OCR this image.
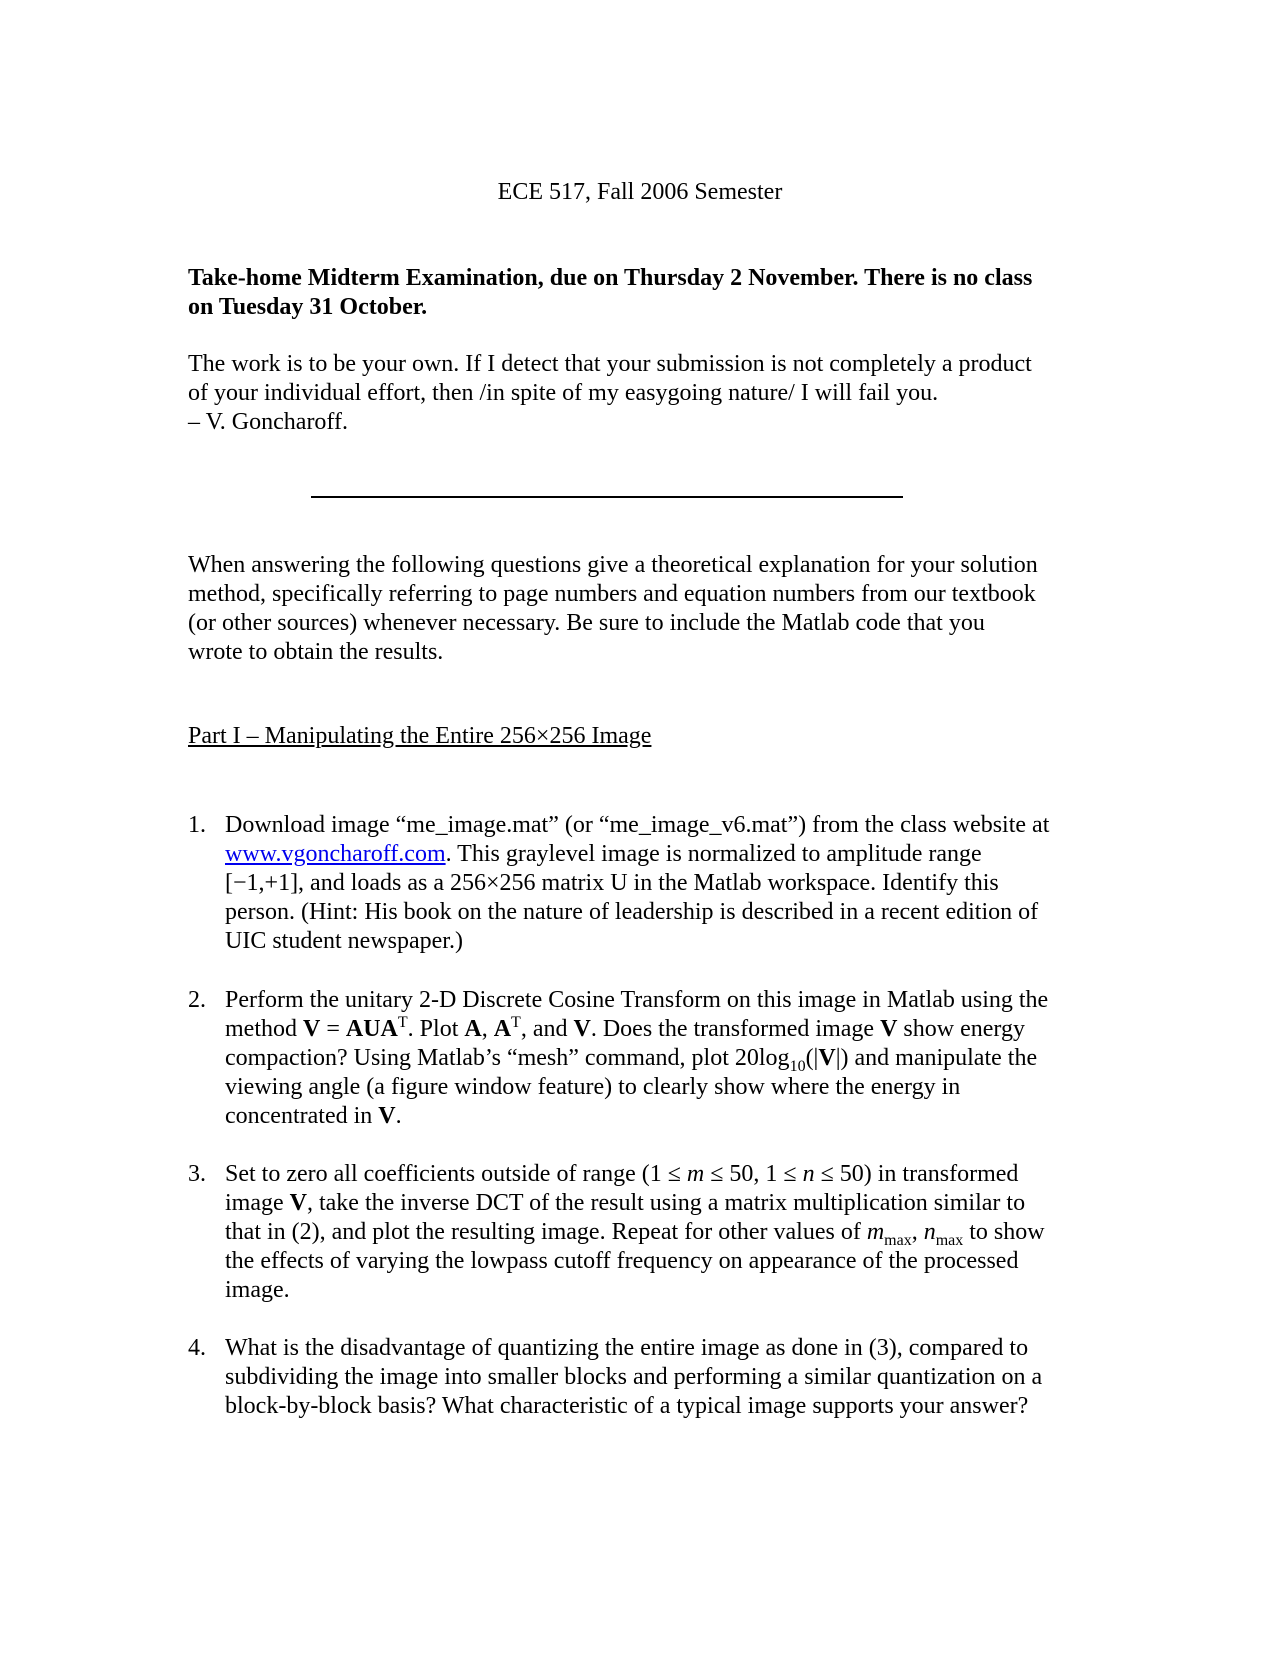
ECE 517, Fall 2006 Semester
Take-home Midterm Examination, due on Thursday 2 November. There is no class
on Tuesday 31 October.
The work is to be your own. If I detect that your submission is not completely a product
of your individual effort, then /in spite of my easygoing nature/ I will fail you.
– V. Goncharoff.
When answering the following questions give a theoretical explanation for your solution
method, specifically referring to page numbers and equation numbers from our textbook
(or other sources) whenever necessary. Be sure to include the Matlab code that you
wrote to obtain the results.
Part I – Manipulating the Entire 256×256 Image
1. Download image “me_image.mat” (or “me_image_v6.mat”) from the class website at
www.vgoncharoff.com. This graylevel image is normalized to amplitude range
[−1,+1], and loads as a 256×256 matrix U in the Matlab workspace. Identify this
person. (Hint: His book on the nature of leadership is described in a recent edition of
UIC student newspaper.)
2. Perform the unitary 2-D Discrete Cosine Transform on this image in Matlab using the
method $V = AUA^T$. Plot A, $A^T$, and V. Does the transformed image V show energy
compaction? Using Matlab’s “mesh” command, plot $20\log_{10}(|V|)$ and manipulate the
viewing angle (a figure window feature) to clearly show where the energy in
concentrated in V.
3. Set to zero all coefficients outside of range (1 ≤ m ≤ 50, 1 ≤ n ≤ 50) in transformed
image V, take the inverse DCT of the result using a matrix multiplication similar to
that in (2), and plot the resulting image. Repeat for other values of $m_{max}$, $n_{max}$ to show
the effects of varying the lowpass cutoff frequency on appearance of the processed
image.
4. What is the disadvantage of quantizing the entire image as done in (3), compared to
subdividing the image into smaller blocks and performing a similar quantization on a
block-by-block basis? What characteristic of a typical image supports your answer?
